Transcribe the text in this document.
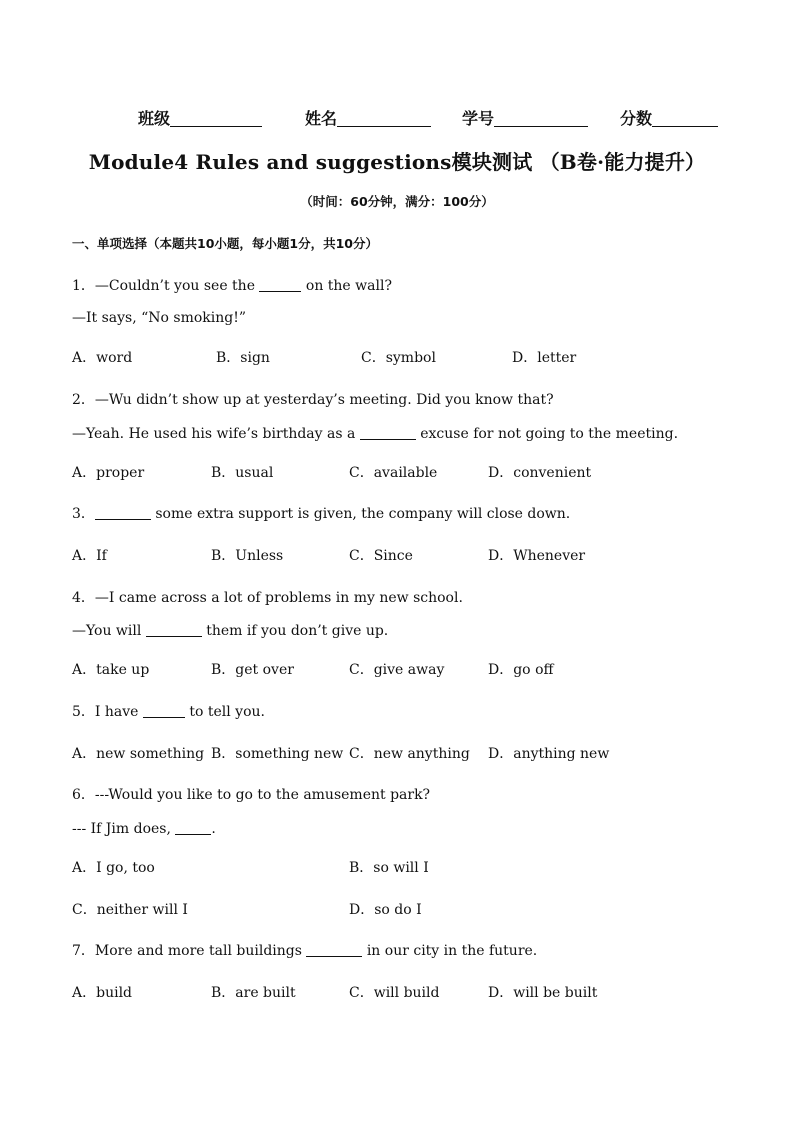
班级	姓名	学号	分数
Module4 Rules and suggestions模块测试 （B卷·能力提升）
（时间：60分钟，满分：100分）
一、单项选择（本题共10小题，每小题1分，共10分）
1．—Couldn’t you see the	on the wall?
—It says, “No smoking!”
A．word	B．sign	C．symbol	D．letter
2．—Wu didn’t show up at yesterday’s meeting. Did you know that?
—Yeah. He used his wife’s birthday as a	excuse for not going to the meeting.
A．proper	B．usual	C．available	D．convenient
3．	some extra support is given, the company will close down.
A．If	B．Unless	C．Since	D．Whenever
4．—I came across a lot of problems in my new school.
—You will	them if you don’t give up.
A．take up	B．get over	C．give away	D．go off
5．I have	to tell you.
A．new something B．something new C．new anything D．anything new
6．---Would you like to go to the amusement park?
--- If Jim does,	.
A．I go, too	B．so will I
C．neither will I	D．so do I
7．More and more tall buildings	in our city in the future.
A．build	B．are built	C．will build	D．will be built
